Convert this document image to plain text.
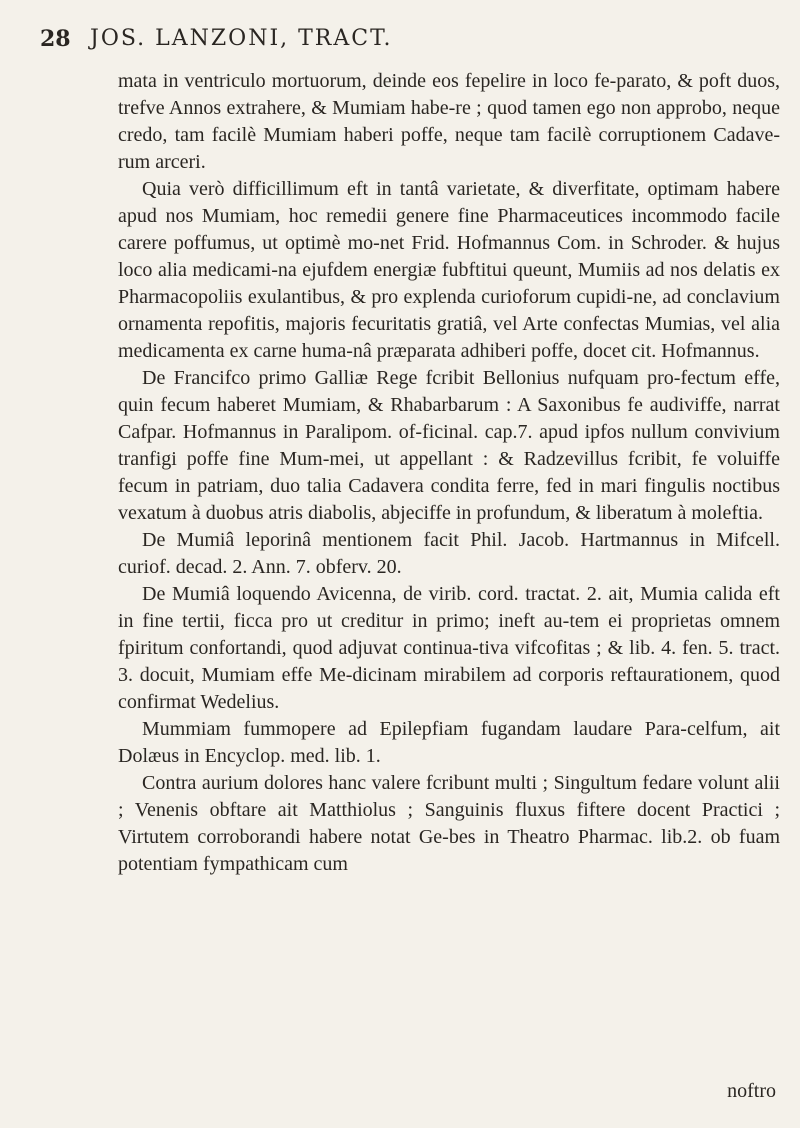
28 JOS. LANZONI, TRACT.

mata in ventriculo mortuorum, deinde eos fepelire in loco fe-parato, & poft duos, trefve Annos extrahere, & Mumiam habe-re ; quod tamen ego non approbo, neque credo, tam facilè Mumiam haberi poffe, neque tam facilè corruptionem Cadave-rum arceri.

Quia verò difficillimum eft in tantâ varietate, & diverfitate, optimam habere apud nos Mumiam, hoc remedii genere fine Pharmaceutices incommodo facile carere poffumus, ut optimè mo-net Frid. Hofmannus Com. in Schroder. & hujus loco alia medicami-na ejufdem energiæ fubftitui queunt, Mumiis ad nos delatis ex Pharmacopoliis exulantibus, & pro explenda curioforum cupidi-ne, ad conclavium ornamenta repofitis, majoris fecuritatis gratiâ, vel Arte confectas Mumias, vel alia medicamenta ex carne huma-nâ præparata adhiberi poffe, docet cit. Hofmannus.

De Francifco primo Galliæ Rege fcribit Bellonius nufquam pro-fectum effe, quin fecum haberet Mumiam, & Rhabarbarum : A Saxonibus fe audiviffe, narrat Cafpar. Hofmannus in Paralipom. of-ficinal. cap.7. apud ipfos nullum convivium tranfigi poffe fine Mum-mei, ut appellant : & Radzevillus fcribit, fe voluiffe fecum in patriam, duo talia Cadavera condita ferre, fed in mari fingulis noctibus vexatum à duobus atris diabolis, abjeciffe in profundum, & liberatum à moleftia.

De Mumiâ leporinâ mentionem facit Phil. Jacob. Hartmannus in Mifcell. curiof. decad. 2. Ann. 7. obferv. 20.

De Mumiâ loquendo Avicenna, de virib. cord. tractat. 2. ait, Mumia calida eft in fine tertii, ficca pro ut creditur in primo; ineft au-tem ei proprietas omnem fpiritum confortandi, quod adjuvat continua-tiva vifcofitas ; & lib. 4. fen. 5. tract. 3. docuit, Mumiam effe Me-dicinam mirabilem ad corporis reftaurationem, quod confirmat Wedelius.

Mummiam fummopere ad Epilepfiam fugandam laudare Para-celfum, ait Dolæus in Encyclop. med. lib. 1.

Contra aurium dolores hanc valere fcribunt multi ; Singultum fedare volunt alii ; Venenis obftare ait Matthiolus ; Sanguinis fluxus fiftere docent Practici ; Virtutem corroborandi habere notat Ge-bes in Theatro Pharmac. lib.2. ob fuam potentiam fympathicam cum

noftro
